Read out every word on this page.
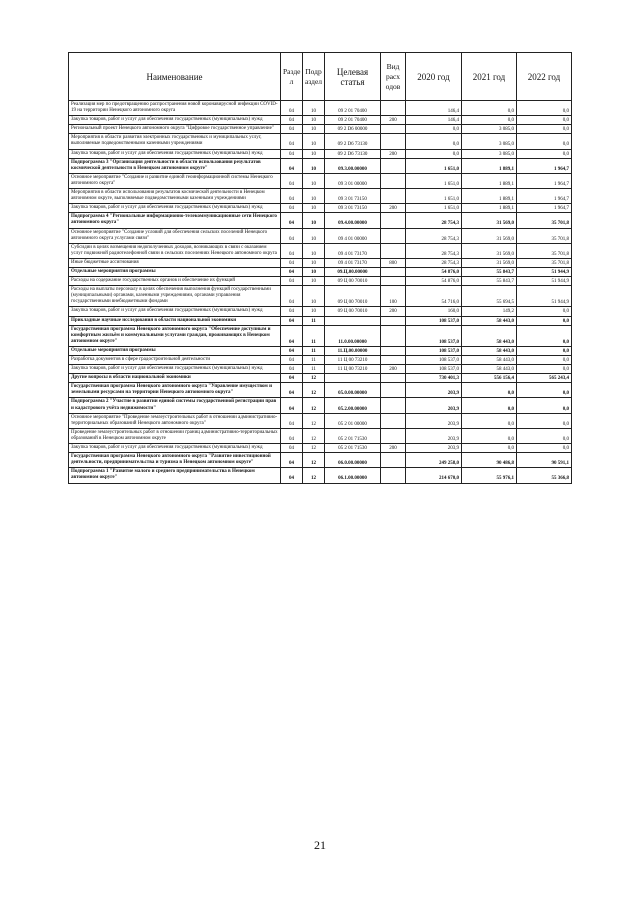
Наименование	Разде л	Подр аздел	Целевая статья	Вид расх одов	2020 год	2021 год	2022 год
Реализация мер по предотвращению распространения новой коронавирусной инфекции COVID-19 на территории Ненецкого автономного округа	04	10	09 2 01 70400		146,4	0,0	0,0
Закупка товаров, работ и услуг для обеспечения государственных (муниципальных) нужд	04	10	09 2 01 70400	200	146,4	0,0	0,0
Региональный проект Ненецкого автономного округа "Цифровое государственное управление"	04	10	09 2 D6 00000		0,0	3 085,0	0,0
Мероприятия в области развития электронных государственных и муниципальных услуг, выполняемые подведомственными казенными учреждениями	04	10	09 2 D6 73130		0,0	3 085,0	0,0
Закупка товаров, работ и услуг для обеспечения государственных (муниципальных) нужд	04	10	09 2 D6 73130	200	0,0	3 085,0	0,0
Подпрограмма 3 "Организация деятельности в области использования результатов космической деятельности в Ненецком автономном округе"	04	10	09.3.00.00000		1 651,0	1 889,1	1 964,7
Основное мероприятие "Создание и развитие единой геоинформационной системы Ненецкого автономного округа"	04	10	09 3 01 00000		1 651,0	1 889,1	1 964,7
Мероприятия в области использования результатов космической деятельности в Ненецком автономном округе, выполняемые подведомственными казенными учреждениями	04	10	09 3 01 73150		1 651,0	1 889,1	1 964,7
Закупка товаров, работ и услуг для обеспечения государственных (муниципальных) нужд	04	10	09 3 01 73150	200	1 651,0	1 889,1	1 964,7
Подпрограмма 4 "Региональные информационно-телекоммуникационные сети Ненецкого автономного округа"	04	10	09.4.00.00000		28 754,3	31 569,0	35 701,8
Основное мероприятие "Создание условий для обеспечения сельских поселений Ненецкого автономного округа услугами связи"	04	10	09 4 01 00000		28 754,3	31 569,0	35 701,8
Субсидии в целях возмещения недополученных доходов, возникающих в связи с оказанием услуг подвижной радиотелефонной связи в сельских поселениях Ненецкого автономного округа	04	10	09 4 01 73170		28 754,3	31 569,0	35 701,8
Иные бюджетные ассигнования	04	10	09 4 01 73170	800	28 754,3	31 569,0	35 701,8
Отдельные мероприятия программы	04	10	09.Ц.00.00000		54 876,0	55 843,7	51 944,9
Расходы на содержание государственных органов и обеспечение их функций	04	10	09 Ц 00 70010		54 876,0	55 843,7	51 944,9
Расходы на выплаты персоналу в целях обеспечения выполнения функций государственными (муниципальными) органами, казенными учреждениями, органами управления государственными внебюджетными фондами	04	10	09 Ц 00 70010	100	54 716,0	55 694,5	51 944,9
Закупка товаров, работ и услуг для обеспечения государственных (муниципальных) нужд	04	10	09 Ц 00 70010	200	160,0	149,2	0,0
Прикладные научные исследования в области национальной экономики	04	11			108 537,0	58 443,0	0,0
Государственная программа Ненецкого автономного округа "Обеспечение доступным и комфортным жильём и коммунальными услугами граждан, проживающих в Ненецком автономном округе"	04	11	11.0.00.00000		108 537,0	58 443,0	0,0
Отдельные мероприятия программы	04	11	11.Ц.00.00000		108 537,0	58 443,0	0,0
Разработка документов в сфере градостроительной деятельности	04	11	11 Ц 00 73210		108 537,0	58 443,0	0,0
Закупка товаров, работ и услуг для обеспечения государственных (муниципальных) нужд	04	11	11 Ц 00 73210	200	108 537,0	58 443,0	0,0
Другие вопросы в области национальной экономики	04	12			730 401,3	556 156,4	565 243,4
Государственная программа Ненецкого автономного округа "Управление имуществом и земельными ресурсами на территории Ненецкого автономного округа"	04	12	05.0.00.00000		203,9	0,0	0,0
Подпрограмма 2 "Участие в развитии единой системы государственной регистрации прав и кадастрового учёта недвижимости"	04	12	05.2.00.00000		203,9	0,0	0,0
Основное мероприятие "Проведение землеустроительных работ в отношении административно-территориальных образований Ненецкого автономного округа"	04	12	05 2 01 00000		203,9	0,0	0,0
Проведение землеустроительных работ в отношении границ административно-территориальных образований в Ненецком автономном округе	04	12	05 2 01 71530		203,9	0,0	0,0
Закупка товаров, работ и услуг для обеспечения государственных (муниципальных) нужд	04	12	05 2 01 71530	200	203,9	0,0	0,0
Государственная программа Ненецкого автономного округа "Развитие инвестиционной деятельности, предпринимательства и туризма в Ненецком автономном округе"	04	12	06.0.00.00000		249 258,0	90 486,8	90 591,1
Подпрограмма 1 "Развитие малого и среднего предпринимательства в Ненецком автономном округе"	04	12	06.1.00.00000		214 670,0	55 976,1	55 366,8
21
